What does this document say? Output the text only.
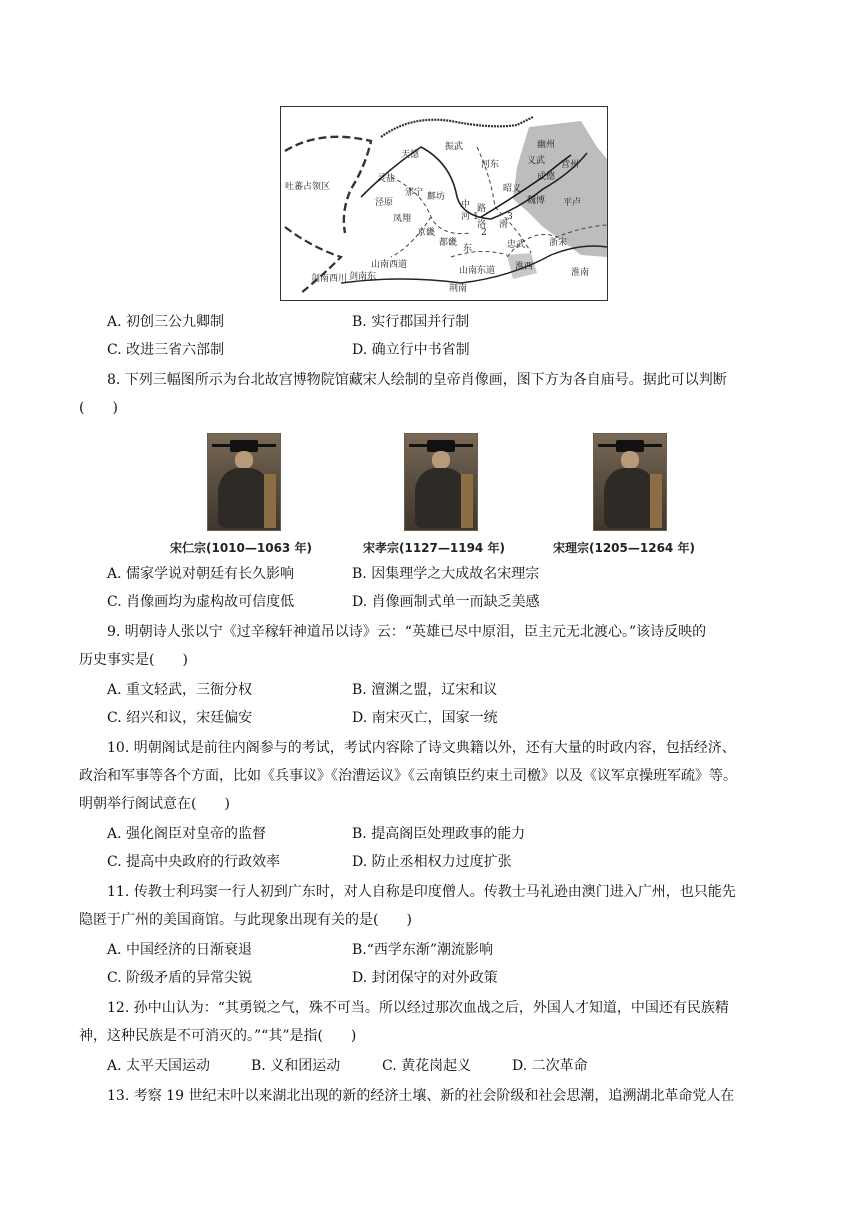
振武
河东
幽州
营州
义武
成德
昭义
魏博 平卢
天德
灵盐
鄜坊
泾原
邠宁
凤翔
京畿
都畿
中
河
洛
路
东
滑
忠武
淮西
淮南
浙宋
山南西道
山南东道
剑南西川 剑南东
荆南
吐蕃占领区
1
2
3
A. 初创三公九卿制	B. 实行郡国并行制
C. 改进三省六部制	D. 确立行中书省制
8. 下列三幅图所示为台北故宫博物院馆藏宋人绘制的皇帝肖像画，图下方为各自庙号。据此可以判断
(　　)
宋仁宗(1010—1063 年)	宋孝宗(1127—1194 年)	宋理宗(1205—1264 年)
A. 儒家学说对朝廷有长久影响	B. 因集理学之大成故名宋理宗
C. 肖像画均为虚构故可信度低	D. 肖像画制式单一而缺乏美感
9. 明朝诗人张以宁《过辛稼轩神道吊以诗》云：“英雄已尽中原泪，臣主元无北渡心。”该诗反映的
历史事实是(　　)
A. 重文轻武，三衙分权	B. 澶渊之盟，辽宋和议
C. 绍兴和议，宋廷偏安	D. 南宋灭亡，国家一统
10. 明朝阁试是前往内阁参与的考试，考试内容除了诗文典籍以外，还有大量的时政内容，包括经济、
政治和军事等各个方面，比如《兵事议》《治漕运议》《云南镇臣约束土司檄》以及《议军京操班军疏》等。
明朝举行阁试意在(　　)
A. 强化阁臣对皇帝的监督	B. 提高阁臣处理政事的能力
C. 提高中央政府的行政效率	D. 防止丞相权力过度扩张
11. 传教士利玛窦一行人初到广东时，对人自称是印度僧人。传教士马礼逊由澳门进入广州，也只能先
隐匿于广州的美国商馆。与此现象出现有关的是(　　)
A. 中国经济的日渐衰退	B.“西学东渐”潮流影响
C. 阶级矛盾的异常尖锐	D. 封闭保守的对外政策
12. 孙中山认为：“其勇锐之气，殊不可当。所以经过那次血战之后，外国人才知道，中国还有民族精
神，这种民族是不可消灭的。”“其”是指(　　)
A. 太平天国运动	B. 义和团运动	C. 黄花岗起义	D. 二次革命
13. 考察 19 世纪末叶以来湖北出现的新的经济土壤、新的社会阶级和社会思潮，追溯湖北革命党人在
